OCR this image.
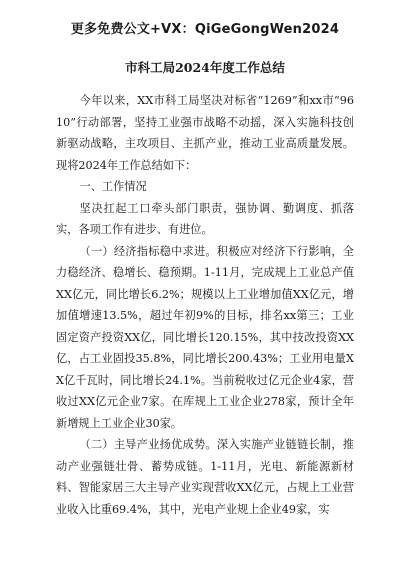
更多免费公文+VX：QiGeGongWen2024
市科工局2024年度工作总结

今年以来，XX市科工局坚决对标省“1269”和xx市“9610”行动部署，坚持工业强市战略不动摇，深入实施科技创新驱动战略，主攻项目、主抓产业，推动工业高质量发展。现将2024年工作总结如下：

一、工作情况

坚决扛起工口牵头部门职责，强协调、勤调度、抓落实，各项工作有进步、有进位。

（一）经济指标稳中求进。积极应对经济下行影响，全力稳经济、稳增长、稳预期。1-11月，完成规上工业总产值XX亿元，同比增长6.2%；规模以上工业增加值XX亿元，增加值增速13.5%，超过年初9%的目标，排名xx第三；工业固定资产投资XX亿，同比增长120.15%，其中技改投资XX亿，占工业固投35.8%，同比增长200.43%；工业用电量XX亿千瓦时，同比增长24.1%。当前税收过亿元企业4家，营收过XX亿元企业7家。在库规上工业企业278家，预计全年新增规上工业企业30家。

（二）主导产业扬优成势。深入实施产业链链长制，推动产业强链壮骨、蓄势成链。1-11月，光电、新能源新材料、智能家居三大主导产业实现营收XX亿元，占规上工业营业收入比重69.4%，其中，光电产业规上企业49家，实
